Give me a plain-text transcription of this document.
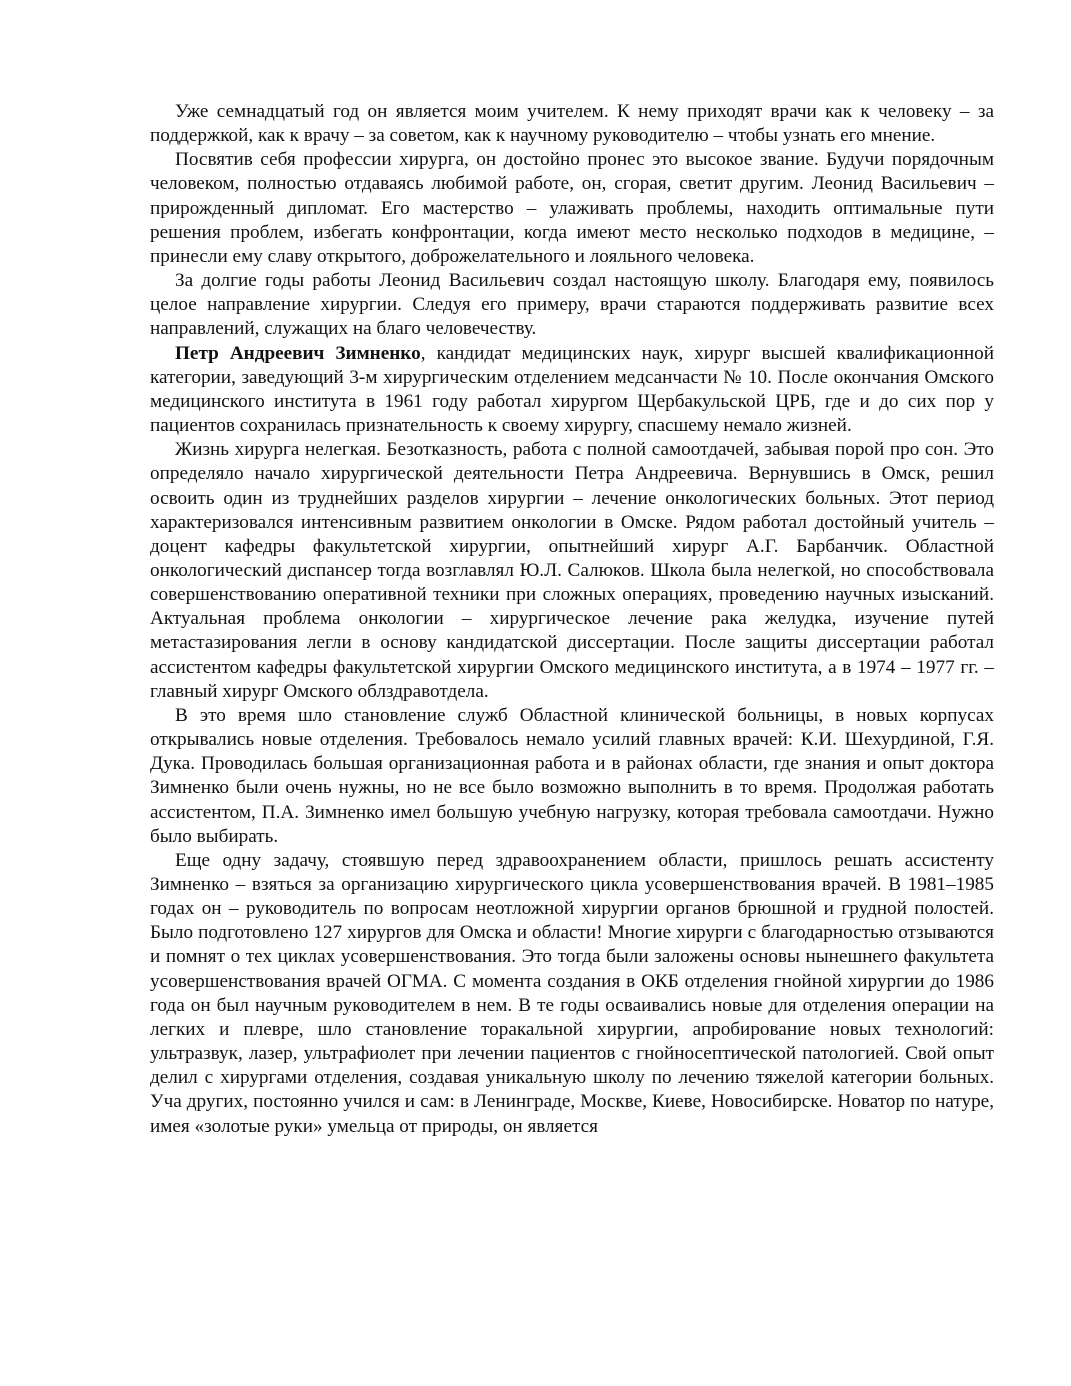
Уже семнадцатый год он является моим учителем. К нему приходят врачи как к человеку – за поддержкой, как к врачу – за советом, как к научному руководителю – чтобы узнать его мнение.

Посвятив себя профессии хирурга, он достойно пронес это высокое звание. Будучи порядочным человеком, полностью отдаваясь любимой работе, он, сгорая, светит другим. Леонид Васильевич – прирожденный дипломат. Его мастерство – улаживать проблемы, находить оптимальные пути решения проблем, избегать конфронтации, когда имеют место несколько подходов в медицине, – принесли ему славу открытого, доброжелательного и лояльного человека.

За долгие годы работы Леонид Васильевич создал настоящую школу. Благодаря ему, появилось целое направление хирургии. Следуя его примеру, врачи стараются поддерживать развитие всех направлений, служащих на благо человечеству.

Петр Андреевич Зимненко, кандидат медицинских наук, хирург высшей квалификационной категории, заведующий 3-м хирургическим отделением медсанчасти № 10. После окончания Омского медицинского института в 1961 году работал хирургом Щербакульской ЦРБ, где и до сих пор у пациентов сохранилась признательность к своему хирургу, спасшему немало жизней.

Жизнь хирурга нелегкая. Безотказность, работа с полной самоотдачей, забывая порой про сон. Это определяло начало хирургической деятельности Петра Андреевича. Вернувшись в Омск, решил освоить один из труднейших разделов хирургии – лечение онкологических больных. Этот период характеризовался интенсивным развитием онкологии в Омске. Рядом работал достойный учитель – доцент кафедры факультетской хирургии, опытнейший хирург А.Г. Барбанчик. Областной онкологический диспансер тогда возглавлял Ю.Л. Салюков. Школа была нелегкой, но способствовала совершенствованию оперативной техники при сложных операциях, проведению научных изысканий. Актуальная проблема онкологии – хирургическое лечение рака желудка, изучение путей метастазирования легли в основу кандидатской диссертации. После защиты диссертации работал ассистентом кафедры факультетской хирургии Омского медицинского института, а в 1974 – 1977 гг. – главный хирург Омского облздравотдела.

В это время шло становление служб Областной клинической больницы, в новых корпусах открывались новые отделения. Требовалось немало усилий главных врачей: К.И. Шехурдиной, Г.Я. Дука. Проводилась большая организационная работа и в районах области, где знания и опыт доктора Зимненко были очень нужны, но не все было возможно выполнить в то время. Продолжая работать ассистентом, П.А. Зимненко имел большую учебную нагрузку, которая требовала самоотдачи. Нужно было выбирать.

Еще одну задачу, стоявшую перед здравоохранением области, пришлось решать ассистенту Зимненко – взяться за организацию хирургического цикла усовершенствования врачей. В 1981–1985 годах он – руководитель по вопросам неотложной хирургии органов брюшной и грудной полостей. Было подготовлено 127 хирургов для Омска и области! Многие хирурги с благодарностью отзываются и помнят о тех циклах усовершенствования. Это тогда были заложены основы нынешнего факультета усовершенствования врачей ОГМА. С момента создания в ОКБ отделения гнойной хирургии до 1986 года он был научным руководителем в нем. В те годы осваивались новые для отделения операции на легких и плевре, шло становление торакальной хирургии, апробирование новых технологий: ультразвук, лазер, ультрафиолет при лечении пациентов с гнойносептической патологией. Свой опыт делил с хирургами отделения, создавая уникальную школу по лечению тяжелой категории больных. Уча других, постоянно учился и сам: в Ленинграде, Москве, Киеве, Новосибирске. Новатор по натуре, имея «золотые руки» умельца от природы, он является
